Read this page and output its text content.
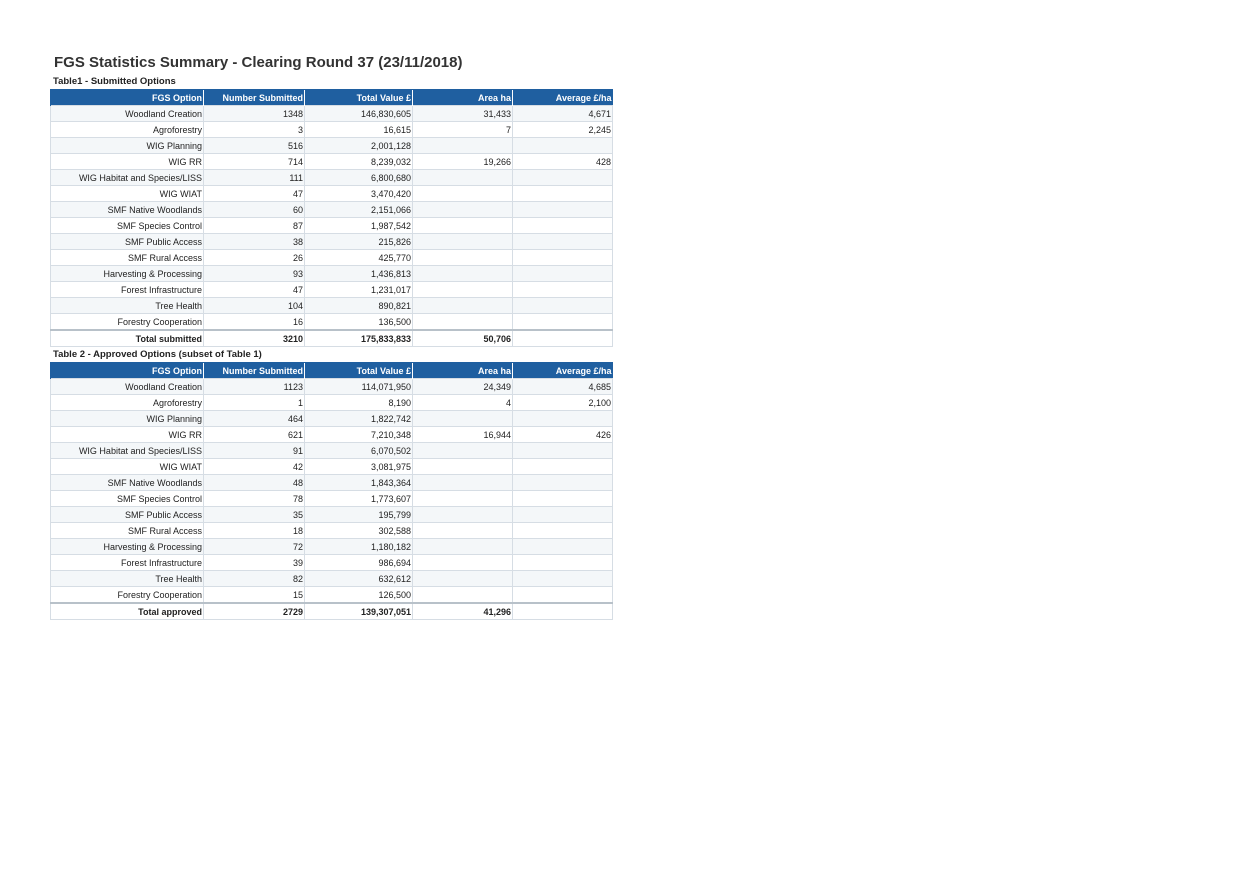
FGS Statistics Summary - Clearing Round 37 (23/11/2018)
Table1 - Submitted Options
FGS Option	Number Submitted	Total Value £	Area ha	Average £/ha
Woodland Creation	1348	146,830,605	31,433	4,671
Agroforestry	3	16,615	7	2,245
WIG Planning	516	2,001,128		
WIG RR	714	8,239,032	19,266	428
WIG Habitat and Species/LISS	111	6,800,680		
WIG WIAT	47	3,470,420		
SMF Native Woodlands	60	2,151,066		
SMF Species Control	87	1,987,542		
SMF Public Access	38	215,826		
SMF Rural Access	26	425,770		
Harvesting & Processing	93	1,436,813		
Forest Infrastructure	47	1,231,017		
Tree Health	104	890,821		
Forestry Cooperation	16	136,500		
Total submitted	3210	175,833,833	50,706	
Table 2 - Approved Options (subset of Table 1)
FGS Option	Number Submitted	Total Value £	Area ha	Average £/ha
Woodland Creation	1123	114,071,950	24,349	4,685
Agroforestry	1	8,190	4	2,100
WIG Planning	464	1,822,742		
WIG RR	621	7,210,348	16,944	426
WIG Habitat and Species/LISS	91	6,070,502		
WIG WIAT	42	3,081,975		
SMF Native Woodlands	48	1,843,364		
SMF Species Control	78	1,773,607		
SMF Public Access	35	195,799		
SMF Rural Access	18	302,588		
Harvesting & Processing	72	1,180,182		
Forest Infrastructure	39	986,694		
Tree Health	82	632,612		
Forestry Cooperation	15	126,500		
Total approved	2729	139,307,051	41,296	
